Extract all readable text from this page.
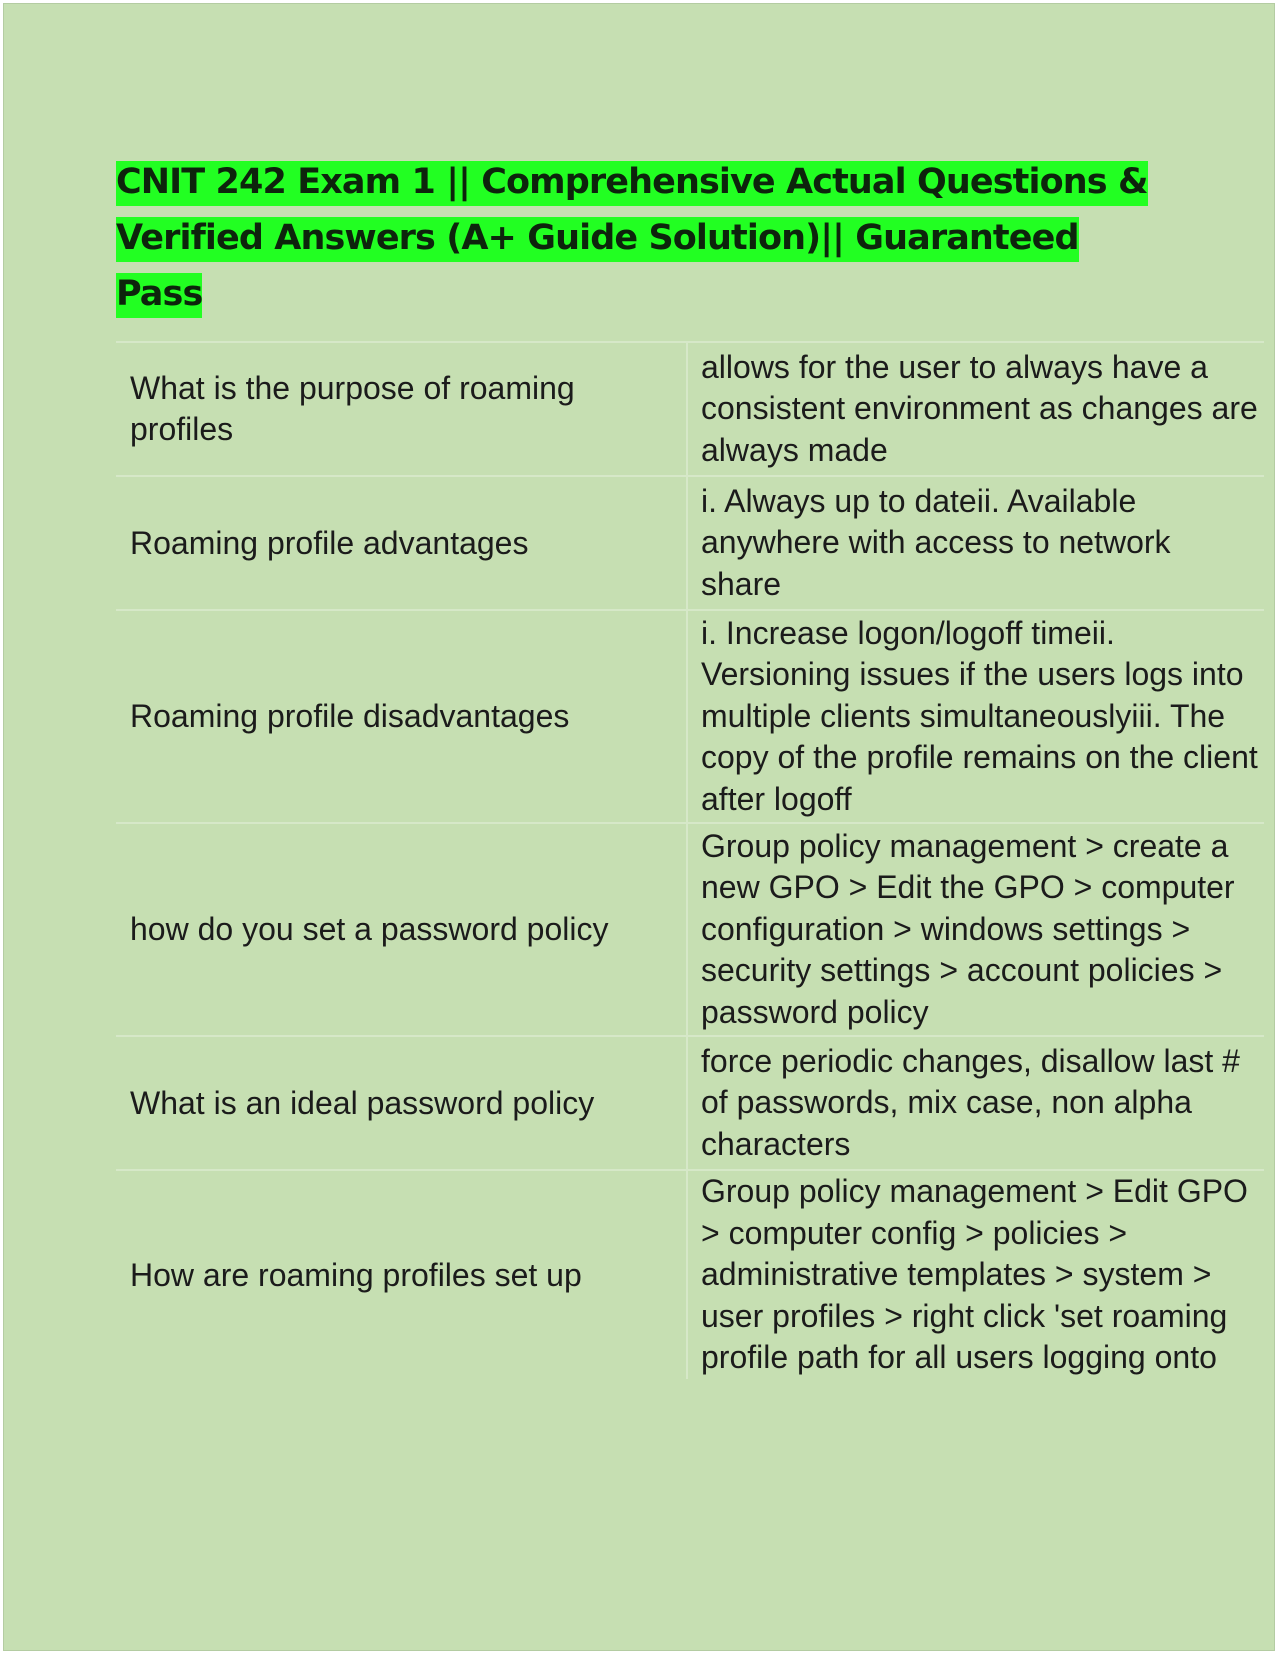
CNIT 242 Exam 1 || Comprehensive Actual Questions & Verified Answers (A+ Guide Solution)|| Guaranteed Pass
What is the purpose of roaming profiles
allows for the user to always have a consistent environment as changes are always made
Roaming profile advantages
i. Always up to dateii. Available anywhere with access to network share
Roaming profile disadvantages
i. Increase logon/logoff timeii. Versioning issues if the users logs into multiple clients simultaneouslyiii. The copy of the profile remains on the client after logoff
how do you set a password policy
Group policy management > create a new GPO > Edit the GPO > computer configuration > windows settings > security settings > account policies > password policy
What is an ideal password policy
force periodic changes, disallow last # of passwords, mix case, non alpha characters
How are roaming profiles set up
Group policy management > Edit GPO > computer config > policies > administrative templates > system > user profiles > right click 'set roaming profile path for all users logging onto
